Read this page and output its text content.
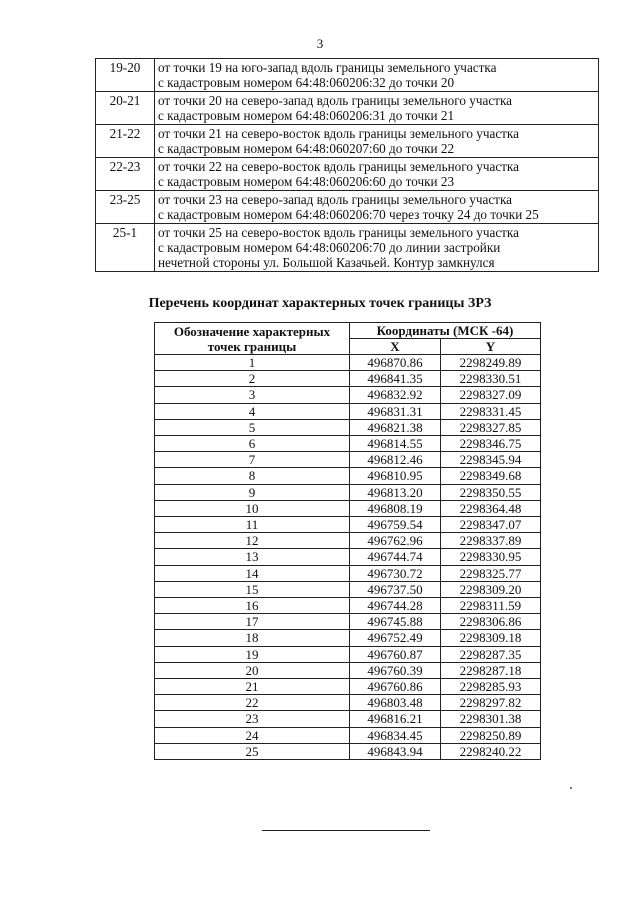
3
19-20	от точки 19 на юго-запад вдоль границы земельного участка
с кадастровым номером 64:48:060206:32 до точки 20

20-21	от точки 20 на северо-запад вдоль границы земельного участка
с кадастровым номером 64:48:060206:31 до точки 21

21-22	от точки 21 на северо-восток вдоль границы земельного участка
с кадастровым номером 64:48:060207:60 до точки 22

22-23	от точки 22 на северо-восток вдоль границы земельного участка
с кадастровым номером 64:48:060206:60 до точки 23

23-25	от точки 23 на северо-запад вдоль границы земельного участка
с кадастровым номером 64:48:060206:70 через точку 24 до точки 25

25-1	от точки 25 на северо-восток вдоль границы земельного участка
с кадастровым номером 64:48:060206:70 до линии застройки
нечетной стороны ул. Большой Казачьей. Контур замкнулся
Перечень координат характерных точек границы ЗРЗ
Обозначение характерных точек границы	Координаты (МСК -64)	
	X	Y
1	496870.86	2298249.89
2	496841.35	2298330.51
3	496832.92	2298327.09
4	496831.31	2298331.45
5	496821.38	2298327.85
6	496814.55	2298346.75
7	496812.46	2298345.94
8	496810.95	2298349.68
9	496813.20	2298350.55
10	496808.19	2298364.48
11	496759.54	2298347.07
12	496762.96	2298337.89
13	496744.74	2298330.95
14	496730.72	2298325.77
15	496737.50	2298309.20
16	496744.28	2298311.59
17	496745.88	2298306.86
18	496752.49	2298309.18
19	496760.87	2298287.35
20	496760.39	2298287.18
21	496760.86	2298285.93
22	496803.48	2298297.82
23	496816.21	2298301.38
24	496834.45	2298250.89
25	496843.94	2298240.22
